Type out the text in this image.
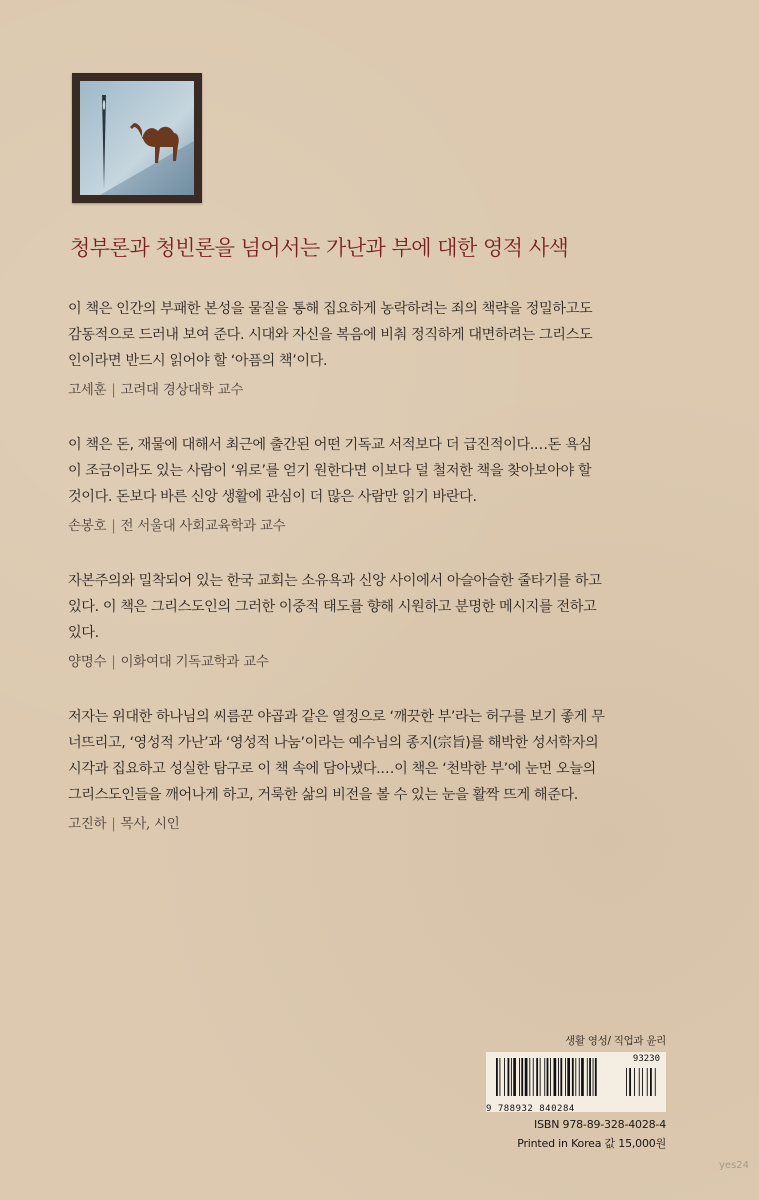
청부론과 청빈론을 넘어서는 가난과 부에 대한 영적 사색

이 책은 인간의 부패한 본성을 물질을 통해 집요하게 농락하려는 죄의 책략을 정밀하고도

감동적으로 드러내 보여 준다. 시대와 자신을 복음에 비춰 정직하게 대면하려는 그리스도

인이라면 반드시 읽어야 할 ‘아픔의 책’이다.

고세훈 | 고려대 경상대학 교수

이 책은 돈, 재물에 대해서 최근에 출간된 어떤 기독교 서적보다 더 급진적이다.…돈 욕심

이 조금이라도 있는 사람이 ‘위로’를 얻기 원한다면 이보다 덜 철저한 책을 찾아보아야 할

것이다. 돈보다 바른 신앙 생활에 관심이 더 많은 사람만 읽기 바란다.

손봉호 | 전 서울대 사회교육학과 교수

자본주의와 밀착되어 있는 한국 교회는 소유욕과 신앙 사이에서 아슬아슬한 줄타기를 하고

있다. 이 책은 그리스도인의 그러한 이중적 태도를 향해 시원하고 분명한 메시지를 전하고

있다.

양명수 | 이화여대 기독교학과 교수

저자는 위대한 하나님의 씨름꾼 야곱과 같은 열정으로 ‘깨끗한 부’라는 허구를 보기 좋게 무

너뜨리고, ‘영성적 가난’과 ‘영성적 나눔’이라는 예수님의 종지(宗旨)를 해박한 성서학자의

시각과 집요하고 성실한 탐구로 이 책 속에 담아냈다.…이 책은 ‘천박한 부’에 눈먼 오늘의

그리스도인들을 깨어나게 하고, 거룩한 삶의 비전을 볼 수 있는 눈을 활짝 뜨게 해준다.

고진하 | 목사, 시인
생활 영성/ 직업과 윤리
93230
9 788932 840284
ISBN 978-89-328-4028-4
Printed in Korea 값 15,000원
yes24
